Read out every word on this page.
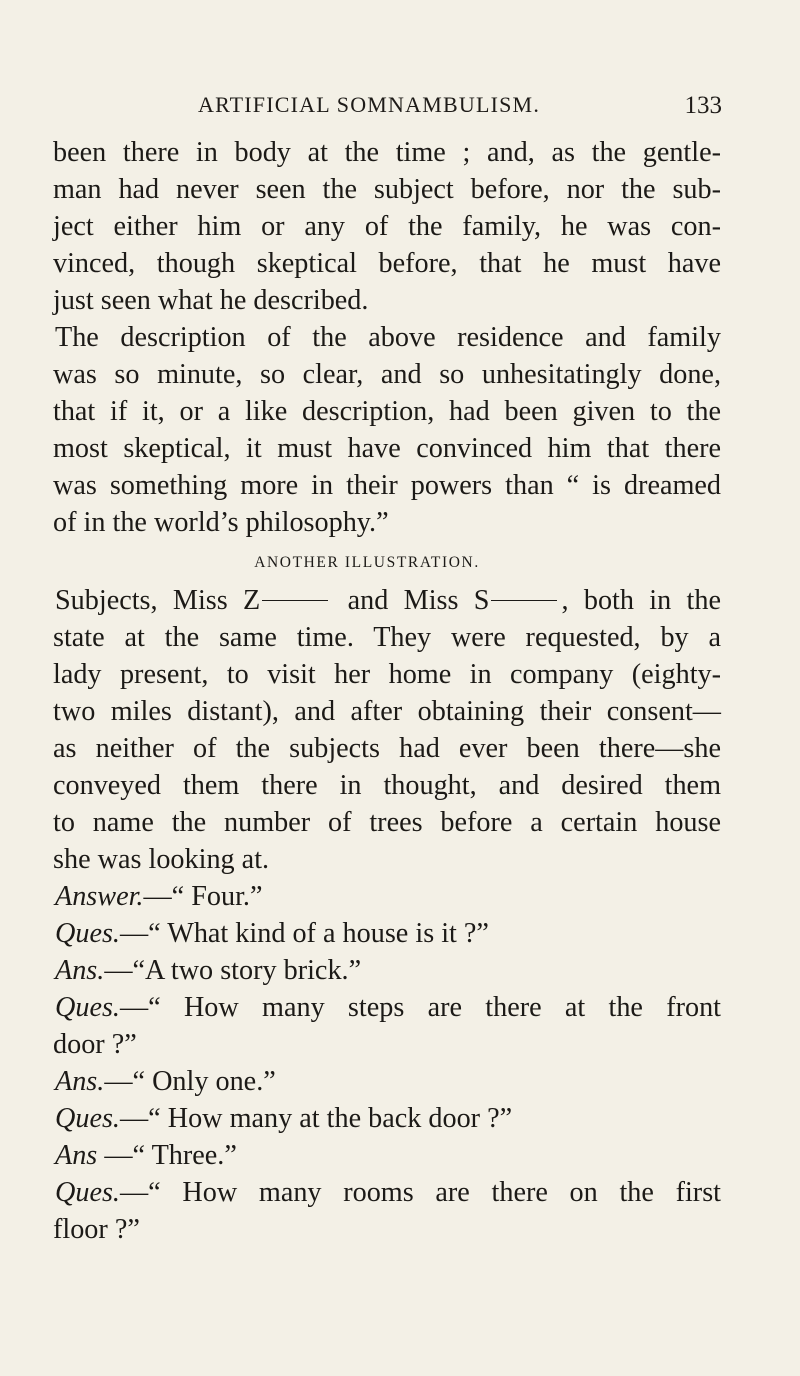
ARTIFICIAL SOMNAMBULISM.	133
been there in body at the time ; and, as the gentle-
man had never seen the subject before, nor the sub-
ject either him or any of the family, he was con-
vinced, though skeptical before, that he must have
just seen what he described.
The description of the above residence and family
was so minute, so clear, and so unhesitatingly done,
that if it, or a like description, had been given to the
most skeptical, it must have convinced him that there
was something more in their powers than “ is dreamed
of in the world’s philosophy.”
ANOTHER ILLUSTRATION.
Subjects, Miss Z	and Miss S	, both in the
state at the same time. They were requested, by a
lady present, to visit her home in company (eighty-
two miles distant), and after obtaining their consent—
as neither of the subjects had ever been there—she
conveyed them there in thought, and desired them
to name the number of trees before a certain house
she was looking at.
Answer.—“ Four.”
Ques.—“ What kind of a house is it ?”
Ans.—“A two story brick.”
Ques.—“ How many steps are there at the front
door ?”
Ans.—“ Only one.”
Ques.—“ How many at the back door ?”
Ans —“ Three.”
Ques.—“ How many rooms are there on the first
floor ?”
